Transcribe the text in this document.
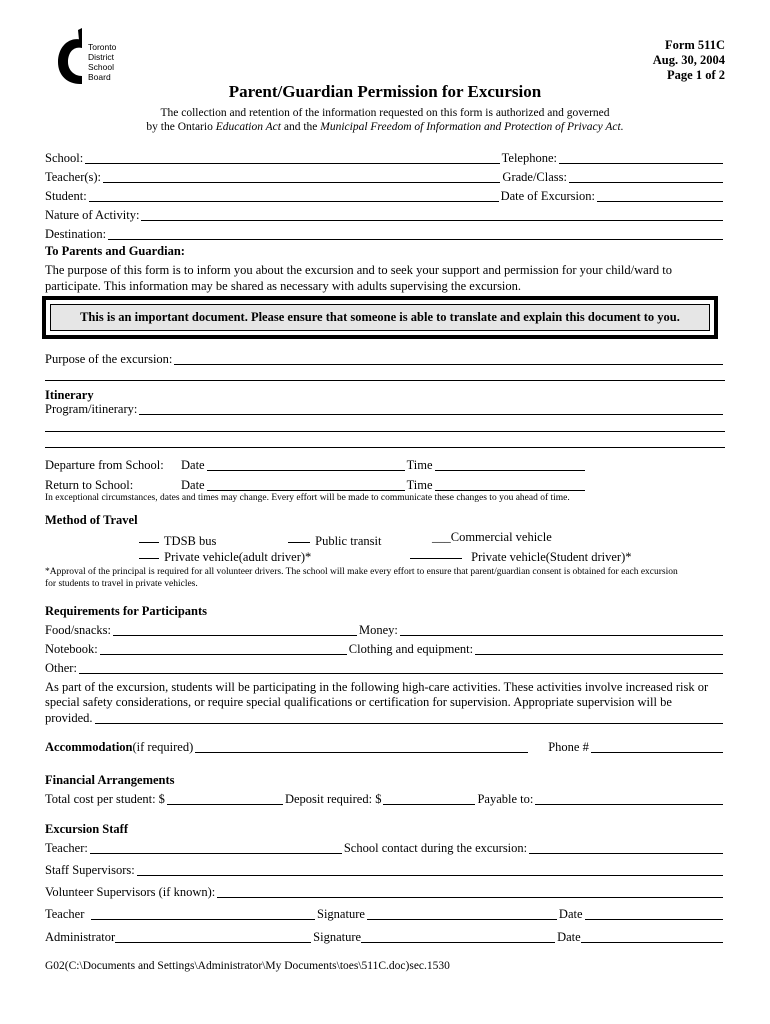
Toronto
District
School
Board
Form 511C
Aug. 30, 2004
Page 1 of 2
Parent/Guardian Permission for Excursion
The collection and retention of the information requested on this form is authorized and governed
by the Ontario Education Act and the Municipal Freedom of Information and Protection of Privacy Act.
School:	Telephone:
Teacher(s):	Grade/Class:
Student:	Date of Excursion:
Nature of Activity:
Destination:
To Parents and Guardian:
The purpose of this form is to inform you about the excursion and to seek your support and permission for your child/ward to
participate. This information may be shared as necessary with adults supervising the excursion.
This is an important document. Please ensure that someone is able to translate and explain this document to you.
Purpose of the excursion:
Itinerary
Program/itinerary:
Departure from School:	Date	Time
Return to School:	Date	Time
In exceptional circumstances, dates and times may change. Every effort will be made to communicate these changes to you ahead of time.
Method of Travel
TDSB bus	Public transit	___Commercial vehicle
Private vehicle(adult driver)*	Private vehicle(Student driver)*
*Approval of the principal is required for all volunteer drivers. The school will make every effort to ensure that parent/guardian consent is obtained for each excursion
for students to travel in private vehicles.
Requirements for Participants
Food/snacks:	Money:
Notebook:	Clothing and equipment:
Other:
As part of the excursion, students will be participating in the following high-care activities. These activities involve increased risk or
special safety considerations, or require special qualifications or certification for supervision. Appropriate supervision will be
provided.
Accommodation (if required)	Phone #
Financial Arrangements
Total cost per student: $	Deposit required: $	Payable to:
Excursion Staff
Teacher:	School contact during the excursion:
Staff Supervisors:
Volunteer Supervisors (if known):
Teacher	Signature	Date
Administrator	Signature	Date
G02(C:\Documents and Settings\Administrator\My Documents\toes\511C.doc)sec.1530
